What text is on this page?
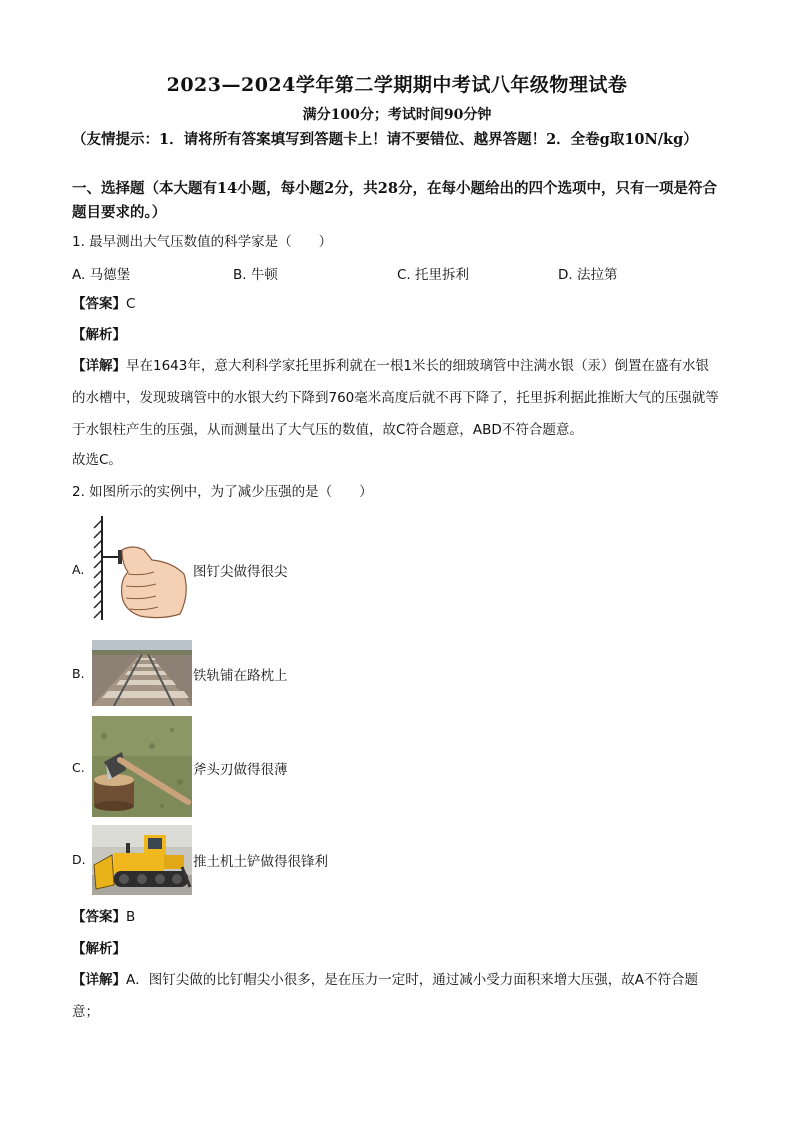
2023—2024学年第二学期期中考试八年级物理试卷
满分100分；考试时间90分钟
（友情提示：1．请将所有答案填写到答题卡上！请不要错位、越界答题！2．全卷g取10N/kg）
一、选择题（本大题有14小题，每小题2分，共28分，在每小题给出的四个选项中，只有一项是符合题目要求的。）
1. 最早测出大气压数值的科学家是（　　）
A. 马德堡	B. 牛顿	C. 托里拆利	D. 法拉第
【答案】C
【解析】
【详解】早在1643年，意大利科学家托里拆利就在一根1米长的细玻璃管中注满水银（汞）倒置在盛有水银的水槽中，发现玻璃管中的水银大约下降到760毫米高度后就不再下降了，托里拆利据此推断大气的压强就等于水银柱产生的压强，从而测量出了大气压的数值，故C符合题意，ABD不符合题意。
故选C。
2. 如图所示的实例中，为了减少压强的是（　　）
A.	图钉尖做得很尖
B.	铁轨铺在路枕上
C.	斧头刃做得很薄
D.	推土机土铲做得很锋利
【答案】B
【解析】
【详解】A．图钉尖做的比钉帽尖小很多，是在压力一定时，通过减小受力面积来增大压强，故A不符合题意；
